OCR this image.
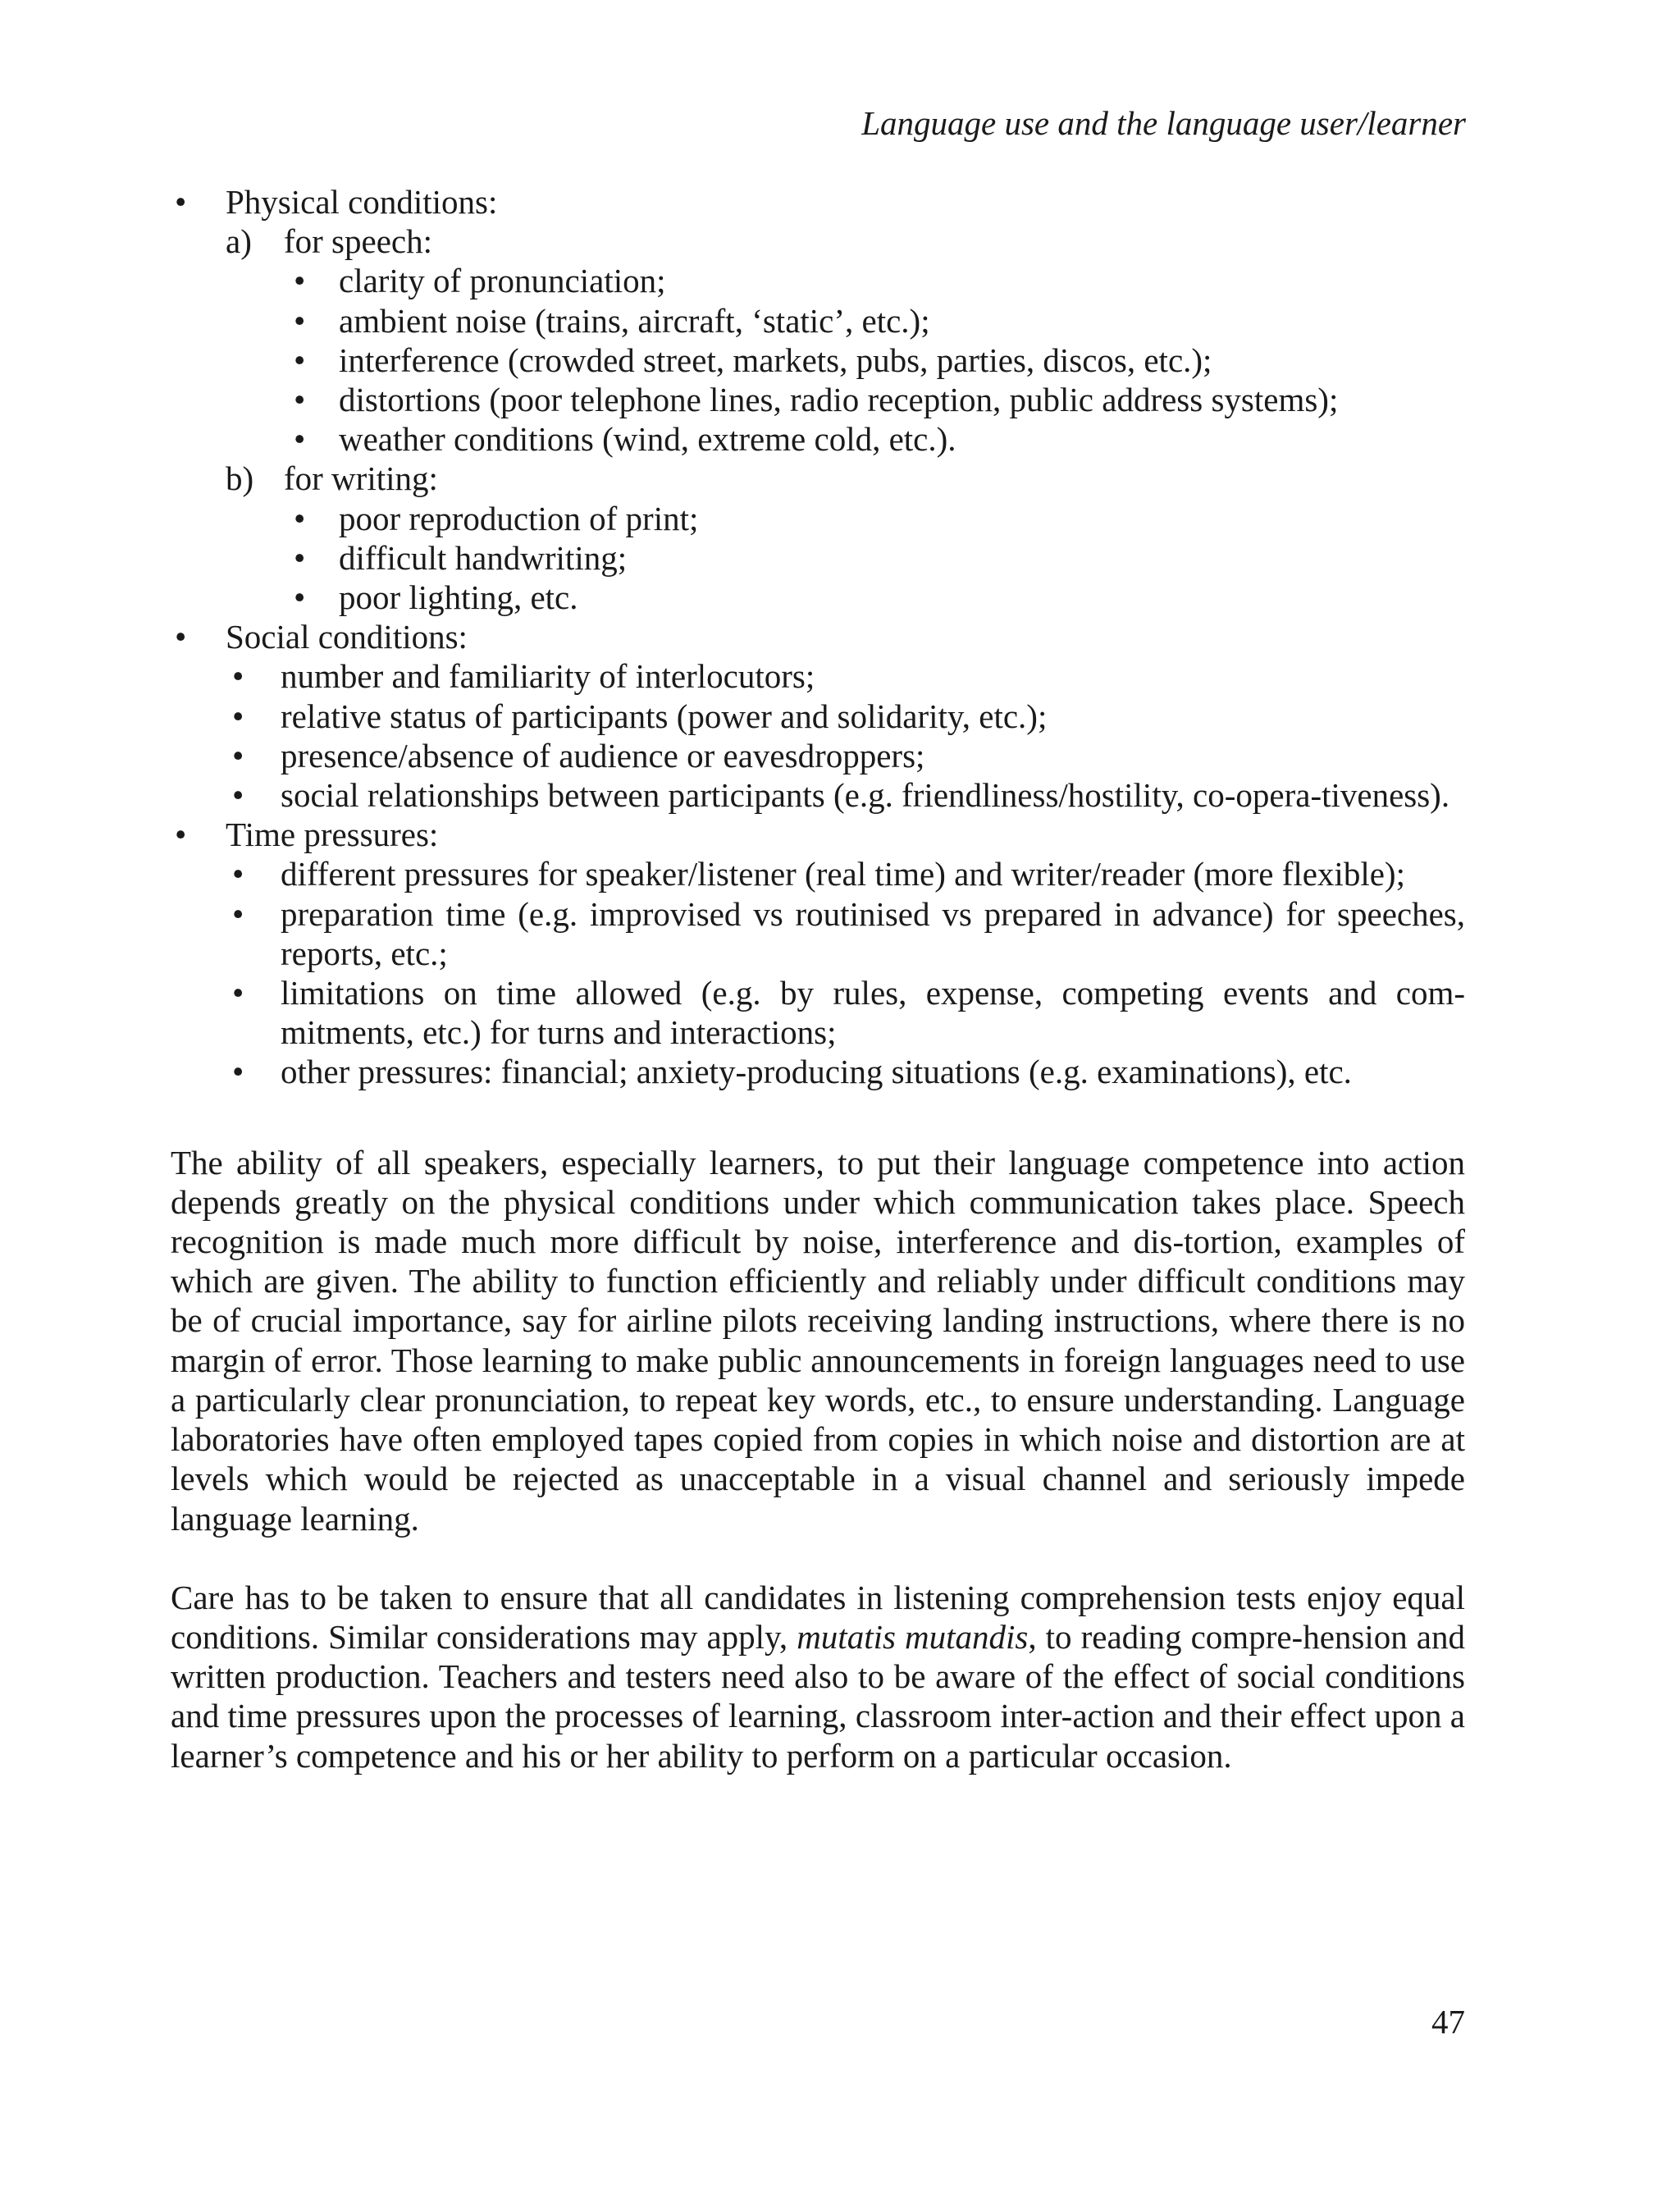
Language use and the language user/learner
• Physical conditions:
a) for speech:
• clarity of pronunciation;
• ambient noise (trains, aircraft, ‘static’, etc.);
• interference (crowded street, markets, pubs, parties, discos, etc.);
• distortions (poor telephone lines, radio reception, public address systems);
• weather conditions (wind, extreme cold, etc.).
b) for writing:
• poor reproduction of print;
• difficult handwriting;
• poor lighting, etc.
• Social conditions:
• number and familiarity of interlocutors;
• relative status of participants (power and solidarity, etc.);
• presence/absence of audience or eavesdroppers;
• social relationships between participants (e.g. friendliness/hostility, co-opera-tiveness).
• Time pressures:
• different pressures for speaker/listener (real time) and writer/reader (more flexible);
• preparation time (e.g. improvised vs routinised vs prepared in advance) for speeches, reports, etc.;
• limitations on time allowed (e.g. by rules, expense, competing events and com-mitments, etc.) for turns and interactions;
• other pressures: financial; anxiety-producing situations (e.g. examinations), etc.

The ability of all speakers, especially learners, to put their language competence into action depends greatly on the physical conditions under which communication takes place. Speech recognition is made much more difficult by noise, interference and dis-tortion, examples of which are given. The ability to function efficiently and reliably under difficult conditions may be of crucial importance, say for airline pilots receiving landing instructions, where there is no margin of error. Those learning to make public announcements in foreign languages need to use a particularly clear pronunciation, to repeat key words, etc., to ensure understanding. Language laboratories have often employed tapes copied from copies in which noise and distortion are at levels which would be rejected as unacceptable in a visual channel and seriously impede language learning.

Care has to be taken to ensure that all candidates in listening comprehension tests enjoy equal conditions. Similar considerations may apply, mutatis mutandis, to reading compre-hension and written production. Teachers and testers need also to be aware of the effect of social conditions and time pressures upon the processes of learning, classroom inter-action and their effect upon a learner’s competence and his or her ability to perform on a particular occasion.

47
